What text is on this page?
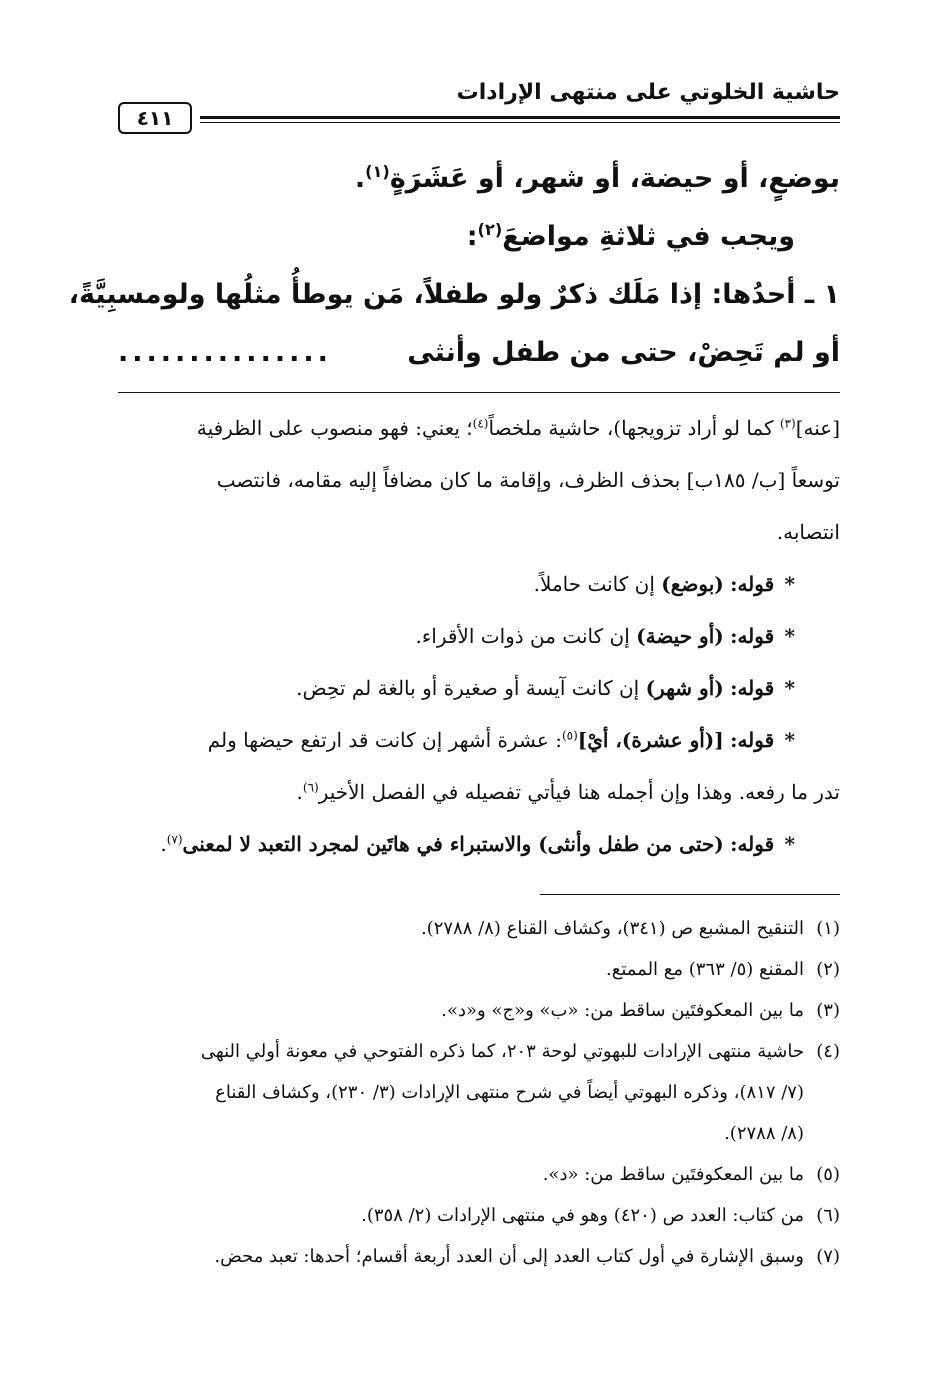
حاشية الخلوتي على منتهى الإرادات
٤١١
بوضعٍ، أو حيضة، أو شهر، أو عَشَرَةٍ$^{(١)}$.
ويجب في ثلاثةِ مواضعَ$^{(٢)}$:
١ ـ أحدُها: إذا مَلَك ذكرٌ ولو طفلاً، مَن يوطأُ مثلُها ولو
مسبِيَّةً،
أو لم تَحِضْ، حتى من طفل وأنثى
...............
[عنه]$^{(٣)}$ كما لو أراد تزويجها)، حاشية ملخصاً$^{(٤)}$؛ يعني: فهو منصوب على الظرفية
توسعاً [ب/ ١٨٥ب] بحذف الظرف، وإقامة ما كان مضافاً إليه مقامه، فانتصب
انتصابه.
* قوله: (بوضع) إن كانت حاملاً.
* قوله: (أو حيضة) إن كانت من ذوات الأقراء.
* قوله: (أو شهر) إن كانت آيسة أو صغيرة أو بالغة لم تحِض.
* قوله: [(أو عشرة)، أيْ]$^{(٥)}$: عشرة أشهر إن كانت قد ارتفع حيضها ولم
تدر ما رفعه. وهذا وإن أجمله هنا فيأتي تفصيله في الفصل الأخير$^{(٦)}$.
* قوله: (حتى من طفل وأنثى) والاستبراء في هاتَين لمجرد التعبد لا لمعنى$^{(٧)}$.
(١)التنقيح المشبع ص (٣٤١)، وكشاف القناع (٨/ ٢٧٨٨).
(٢)المقنع (٥/ ٣٦٣) مع الممتع.
(٣)ما بين المعكوفتَين ساقط من: «ب» و«ج» و«د».
(٤)حاشية منتهى الإرادات للبهوتي لوحة ٢٠٣، كما ذكره الفتوحي في معونة أولي النهى
(٧/ ٨١٧)، وذكره البهوتي أيضاً في شرح منتهى الإرادات (٣/ ٢٣٠)، وكشاف القناع
(٨/ ٢٧٨٨).
(٥)ما بين المعكوفتَين ساقط من: «د».
(٦)من كتاب: العدد ص (٤٢٠) وهو في منتهى الإرادات (٢/ ٣٥٨).
(٧)وسبق الإشارة في أول كتاب العدد إلى أن العدد أربعة أقسام؛ أحدها: تعبد محض.
